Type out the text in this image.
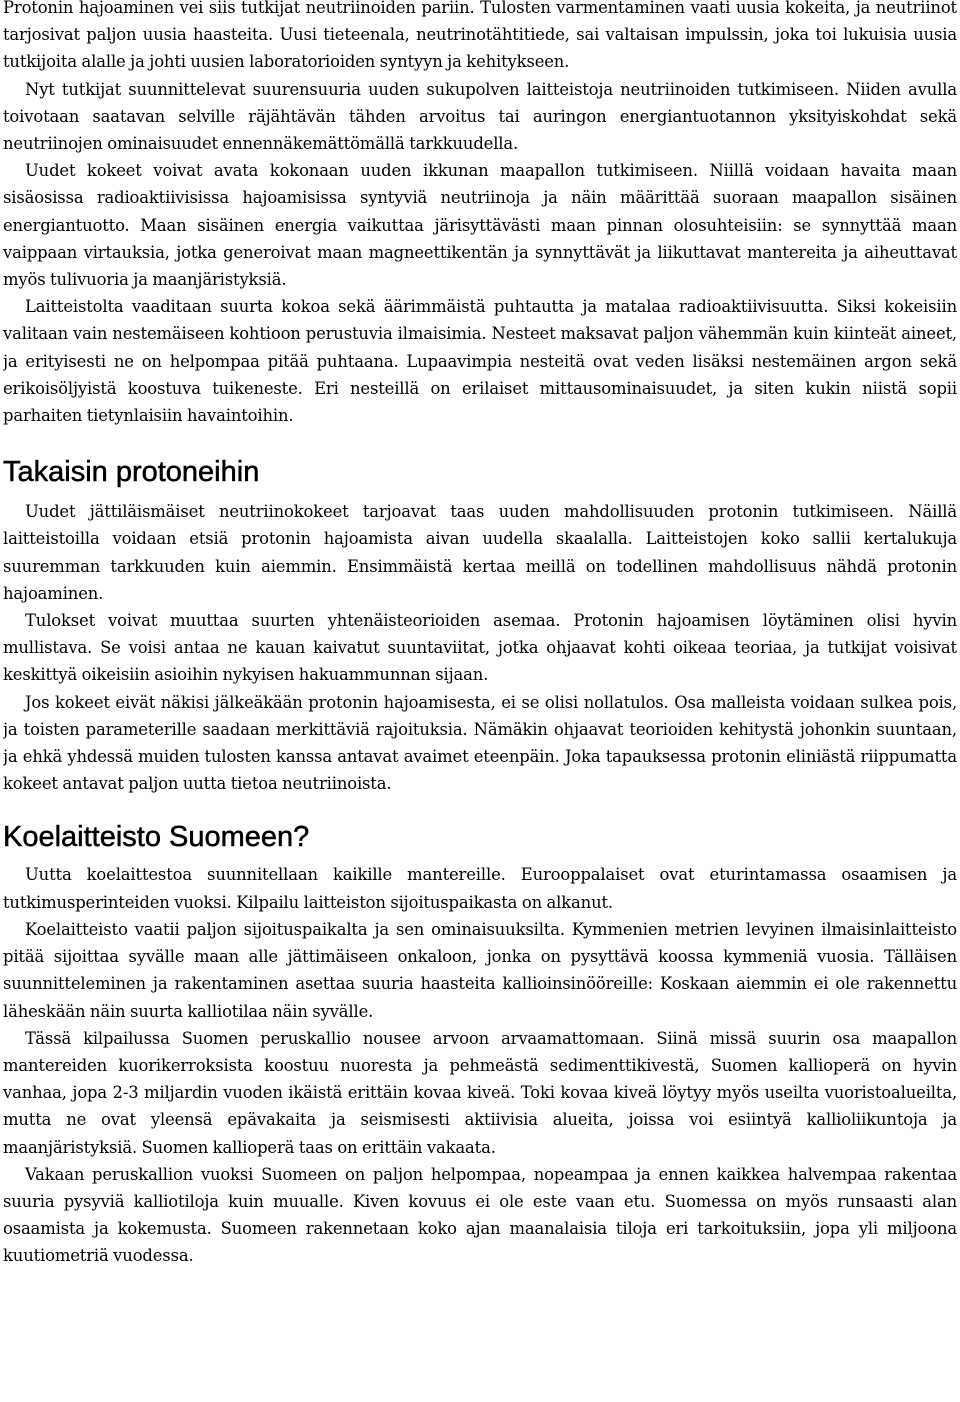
Protonin hajoaminen vei siis tutkijat neutriinoiden pariin. Tulosten varmentaminen vaati uusia kokeita, ja neutriinot tarjosivat paljon uusia haasteita. Uusi tieteenala, neutrinotähtitiede, sai valtaisan impulssin, joka toi lukuisia uusia tutkijoita alalle ja johti uusien laboratorioiden syntyyn ja kehitykseen.

Nyt tutkijat suunnittelevat suurensuuria uuden sukupolven laitteistoja neutriinoiden tutkimiseen. Niiden avulla toivotaan saatavan selville räjähtävän tähden arvoitus tai auringon energiantuotannon yksityiskohdat sekä neutriinojen ominaisuudet ennennäkemättömällä tarkkuudella.

Uudet kokeet voivat avata kokonaan uuden ikkunan maapallon tutkimiseen. Niillä voidaan havaita maan sisäosissa radioaktiivisissa hajoamisissa syntyviä neutriinoja ja näin määrittää suoraan maapallon sisäinen energiantuotto. Maan sisäinen energia vaikuttaa järisyttävästi maan pinnan olosuhteisiin: se synnyttää maan vaippaan virtauksia, jotka generoivat maan magneettikentän ja synnyttävät ja liikuttavat mantereita ja aiheuttavat myös tulivuoria ja maanjäristyksiä.

Laitteistolta vaaditaan suurta kokoa sekä äärimmäistä puhtautta ja matalaa radioaktiivisuutta. Siksi kokeisiin valitaan vain nestemäiseen kohtioon perustuvia ilmaisimia. Nesteet maksavat paljon vähemmän kuin kiinteät aineet, ja erityisesti ne on helpompaa pitää puhtaana. Lupaavimpia nesteitä ovat veden lisäksi nestemäinen argon sekä erikoisöljyistä koostuva tuikeneste. Eri nesteillä on erilaiset mittausominaisuudet, ja siten kukin niistä sopii parhaiten tietynlaisiin havaintoihin.

Takaisin protoneihin

Uudet jättiläismäiset neutriinokokeet tarjoavat taas uuden mahdollisuuden protonin tutkimiseen. Näillä laitteistoilla voidaan etsiä protonin hajoamista aivan uudella skaalalla. Laitteistojen koko sallii kertalukuja suuremman tarkkuuden kuin aiemmin. Ensimmäistä kertaa meillä on todellinen mahdollisuus nähdä protonin hajoaminen.

Tulokset voivat muuttaa suurten yhtenäisteorioiden asemaa. Protonin hajoamisen löytäminen olisi hyvin mullistava. Se voisi antaa ne kauan kaivatut suuntaviitat, jotka ohjaavat kohti oikeaa teoriaa, ja tutkijat voisivat keskittyä oikeisiin asioihin nykyisen hakuammunnan sijaan.

Jos kokeet eivät näkisi jälkeäkään protonin hajoamisesta, ei se olisi nollatulos. Osa malleista voidaan sulkea pois, ja toisten parameterille saadaan merkittäviä rajoituksia. Nämäkin ohjaavat teorioiden kehitystä johonkin suuntaan, ja ehkä yhdessä muiden tulosten kanssa antavat avaimet eteenpäin. Joka tapauksessa protonin eliniästä riippumatta kokeet antavat paljon uutta tietoa neutriinoista.

Koelaitteisto Suomeen?

Uutta koelaittestoa suunnitellaan kaikille mantereille. Eurooppalaiset ovat eturintamassa osaamisen ja tutkimusperinteiden vuoksi. Kilpailu laitteiston sijoituspaikasta on alkanut.

Koelaitteisto vaatii paljon sijoituspaikalta ja sen ominaisuuksilta. Kymmenien metrien levyinen ilmaisinlaitteisto pitää sijoittaa syvälle maan alle jättimäiseen onkaloon, jonka on pysyttävä koossa kymmeniä vuosia. Tälläisen suunnitteleminen ja rakentaminen asettaa suuria haasteita kallioinsinööreille: Koskaan aiemmin ei ole rakennettu läheskään näin suurta kalliotilaa näin syvälle.

Tässä kilpailussa Suomen peruskallio nousee arvoon arvaamattomaan. Siinä missä suurin osa maapallon mantereiden kuorikerroksista koostuu nuoresta ja pehmeästä sedimenttikivestä, Suomen kallioperä on hyvin vanhaa, jopa 2-3 miljardin vuoden ikäistä erittäin kovaa kiveä. Toki kovaa kiveä löytyy myös useilta vuoristoalueilta, mutta ne ovat yleensä epävakaita ja seismisesti aktiivisia alueita, joissa voi esiintyä kallioliikuntoja ja maanjäristyksiä. Suomen kallioperä taas on erittäin vakaata.

Vakaan peruskallion vuoksi Suomeen on paljon helpompaa, nopeampaa ja ennen kaikkea halvempaa rakentaa suuria pysyviä kalliotiloja kuin muualle. Kiven kovuus ei ole este vaan etu. Suomessa on myös runsaasti alan osaamista ja kokemusta. Suomeen rakennetaan koko ajan maanalaisia tiloja eri tarkoituksiin, jopa yli miljoona kuutiometriä vuodessa.
